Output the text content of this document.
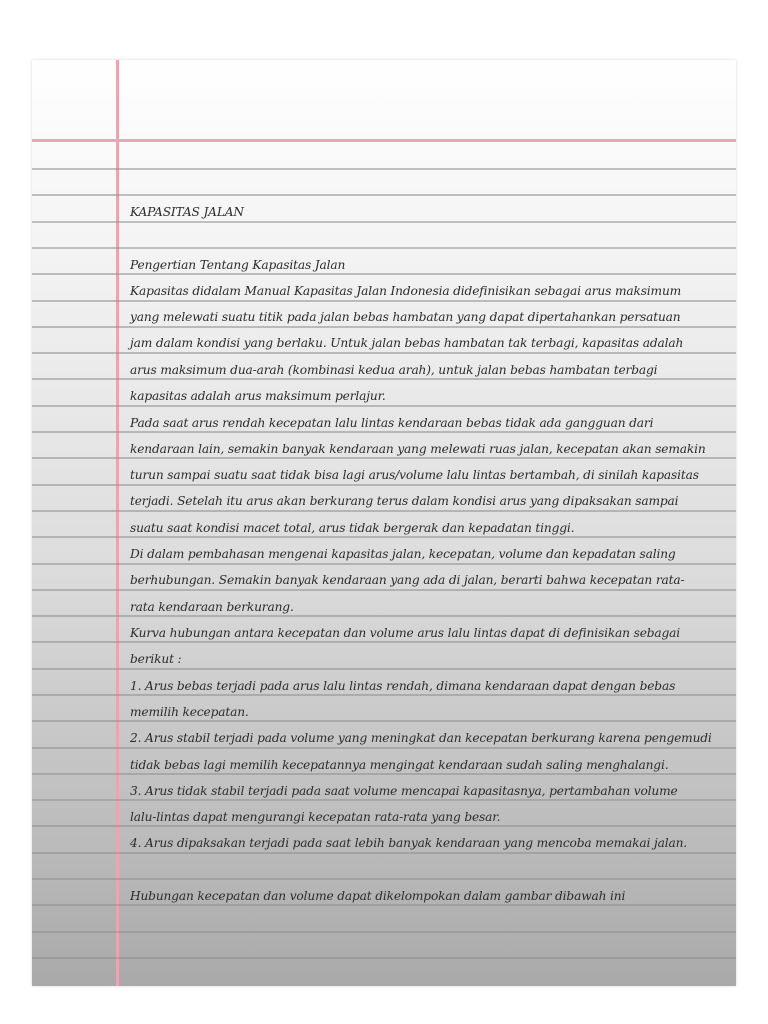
KAPASITAS JALAN
Pengertian Tentang Kapasitas Jalan
Kapasitas didalam Manual Kapasitas Jalan Indonesia didefinisikan sebagai arus maksimum
yang melewati suatu titik pada jalan bebas hambatan yang dapat dipertahankan persatuan
jam dalam kondisi yang berlaku. Untuk jalan bebas hambatan tak terbagi, kapasitas adalah
arus maksimum dua-arah (kombinasi kedua arah), untuk jalan bebas hambatan terbagi
kapasitas adalah arus maksimum perlajur.
Pada saat arus rendah kecepatan lalu lintas kendaraan bebas tidak ada gangguan dari
kendaraan lain, semakin banyak kendaraan yang melewati ruas jalan, kecepatan akan semakin
turun sampai suatu saat tidak bisa lagi arus/volume lalu lintas bertambah, di sinilah kapasitas
terjadi. Setelah itu arus akan berkurang terus dalam kondisi arus yang dipaksakan sampai
suatu saat kondisi macet total, arus tidak bergerak dan kepadatan tinggi.
Di dalam pembahasan mengenai kapasitas jalan, kecepatan, volume dan kepadatan saling
berhubungan. Semakin banyak kendaraan yang ada di jalan, berarti bahwa kecepatan rata-
rata kendaraan berkurang.
Kurva hubungan antara kecepatan dan volume arus lalu lintas dapat di definisikan sebagai
berikut :
1. Arus bebas terjadi pada arus lalu lintas rendah, dimana kendaraan dapat dengan bebas
memilih kecepatan.
2. Arus stabil terjadi pada volume yang meningkat dan kecepatan berkurang karena pengemudi
tidak bebas lagi memilih kecepatannya mengingat kendaraan sudah saling menghalangi.
3. Arus tidak stabil terjadi pada saat volume mencapai kapasitasnya, pertambahan volume
lalu-lintas dapat mengurangi kecepatan rata-rata yang besar.
4. Arus dipaksakan terjadi pada saat lebih banyak kendaraan yang mencoba memakai jalan.
Hubungan kecepatan dan volume dapat dikelompokan dalam gambar dibawah ini
